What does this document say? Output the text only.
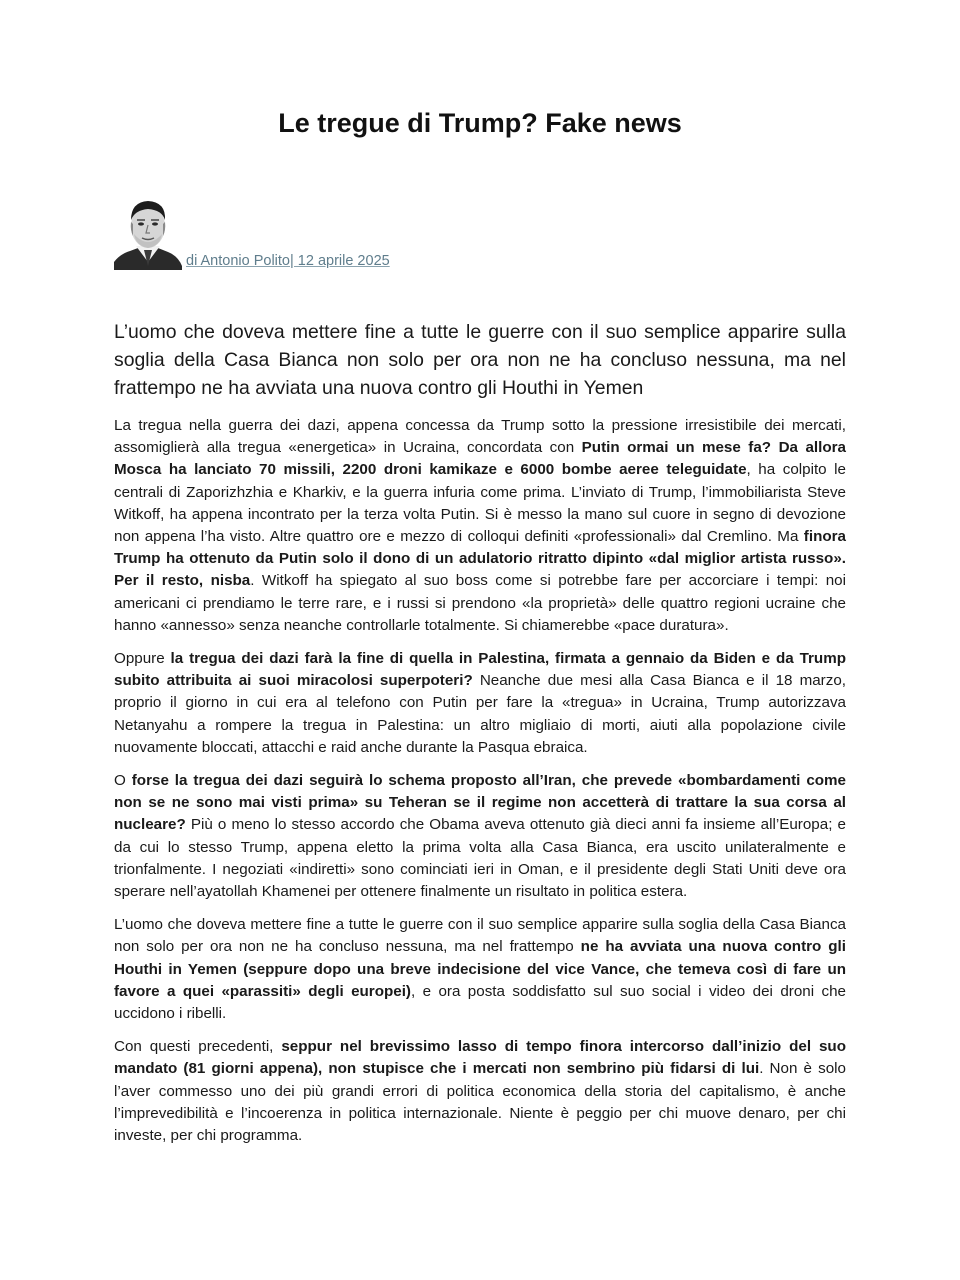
Le tregue di Trump? Fake news
di Antonio Polito| 12 aprile 2025

L’uomo che doveva mettere fine a tutte le guerre con il suo semplice apparire sulla soglia della Casa Bianca non solo per ora non ne ha concluso nessuna, ma nel frattempo ne ha avviata una nuova contro gli Houthi in Yemen

La tregua nella guerra dei dazi, appena concessa da Trump sotto la pressione irresistibile dei mercati, assomiglierà alla tregua «energetica» in Ucraina, concordata con Putin ormai un mese fa? Da allora Mosca ha lanciato 70 missili, 2200 droni kamikaze e 6000 bombe aeree teleguidate, ha colpito le centrali di Zaporizhzhia e Kharkiv, e la guerra infuria come prima. L’inviato di Trump, l’immobiliarista Steve Witkoff, ha appena incontrato per la terza volta Putin. Si è messo la mano sul cuore in segno di devozione non appena l’ha visto. Altre quattro ore e mezzo di colloqui definiti «professionali» dal Cremlino. Ma finora Trump ha ottenuto da Putin solo il dono di un adulatorio ritratto dipinto «dal miglior artista russo». Per il resto, nisba. Witkoff ha spiegato al suo boss come si potrebbe fare per accorciare i tempi: noi americani ci prendiamo le terre rare, e i russi si prendono «la proprietà» delle quattro regioni ucraine che hanno «annesso» senza neanche controllarle totalmente. Si chiamerebbe «pace duratura».

Oppure la tregua dei dazi farà la fine di quella in Palestina, firmata a gennaio da Biden e da Trump subito attribuita ai suoi miracolosi superpoteri? Neanche due mesi alla Casa Bianca e il 18 marzo, proprio il giorno in cui era al telefono con Putin per fare la «tregua» in Ucraina, Trump autorizzava Netanyahu a rompere la tregua in Palestina: un altro migliaio di morti, aiuti alla popolazione civile nuovamente bloccati, attacchi e raid anche durante la Pasqua ebraica.

O forse la tregua dei dazi seguirà lo schema proposto all’Iran, che prevede «bombardamenti come non se ne sono mai visti prima» su Teheran se il regime non accetterà di trattare la sua corsa al nucleare? Più o meno lo stesso accordo che Obama aveva ottenuto già dieci anni fa insieme all’Europa; e da cui lo stesso Trump, appena eletto la prima volta alla Casa Bianca, era uscito unilateralmente e trionfalmente. I negoziati «indiretti» sono cominciati ieri in Oman, e il presidente degli Stati Uniti deve ora sperare nell’ayatollah Khamenei per ottenere finalmente un risultato in politica estera.

L’uomo che doveva mettere fine a tutte le guerre con il suo semplice apparire sulla soglia della Casa Bianca non solo per ora non ne ha concluso nessuna, ma nel frattempo ne ha avviata una nuova contro gli Houthi in Yemen (seppure dopo una breve indecisione del vice Vance, che temeva così di fare un favore a quei «parassiti» degli europei), e ora posta soddisfatto sul suo social i video dei droni che uccidono i ribelli.

Con questi precedenti, seppur nel brevissimo lasso di tempo finora intercorso dall’inizio del suo mandato (81 giorni appena), non stupisce che i mercati non sembrino più fidarsi di lui. Non è solo l’aver commesso uno dei più grandi errori di politica economica della storia del capitalismo, è anche l’imprevedibilità e l’incoerenza in politica internazionale. Niente è peggio per chi muove denaro, per chi investe, per chi programma.
